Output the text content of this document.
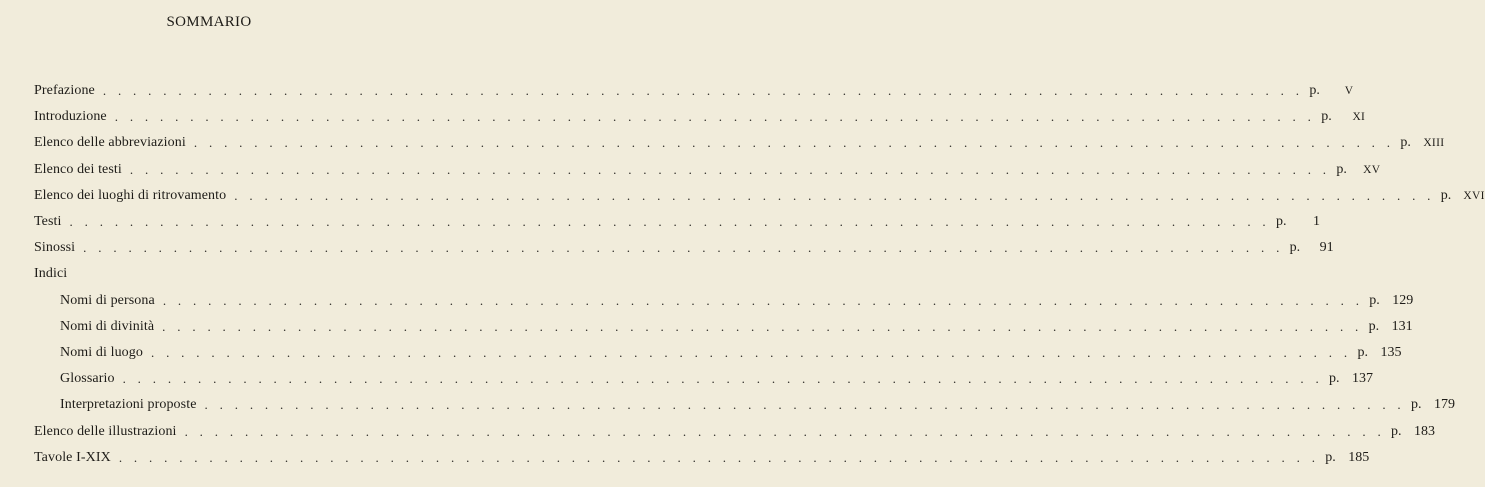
SOMMARIO
Prefazione . . . . . . . . . . . . . . . . . . . . . . . . . . . . . . . . . . . . . . . . . . . . . . . . . . . . . . . . . . . . . . . . . . . . . . . . . . . . . . . . p.	V
Introduzione . . . . . . . . . . . . . . . . . . . . . . . . . . . . . . . . . . . . . . . . . . . . . . . . . . . . . . . . . . . . . . . . . . . . . . . . . . . . . . . . p.	XI
Elenco delle abbreviazioni . . . . . . . . . . . . . . . . . . . . . . . . . . . . . . . . . . . . . . . . . . . . . . . . . . . . . . . . . . . . . . . . . . . . . . . . . . . . . . . . p.	XIII
Elenco dei testi . . . . . . . . . . . . . . . . . . . . . . . . . . . . . . . . . . . . . . . . . . . . . . . . . . . . . . . . . . . . . . . . . . . . . . . . . . . . . . . . p.	XV
Elenco dei luoghi di ritrovamento . . . . . . . . . . . . . . . . . . . . . . . . . . . . . . . . . . . . . . . . . . . . . . . . . . . . . . . . . . . . . . . . . . . . . . . . . . . . . . . . p.	XVI
Testi . . . . . . . . . . . . . . . . . . . . . . . . . . . . . . . . . . . . . . . . . . . . . . . . . . . . . . . . . . . . . . . . . . . . . . . . . . . . . . . . p.	1
Sinossi . . . . . . . . . . . . . . . . . . . . . . . . . . . . . . . . . . . . . . . . . . . . . . . . . . . . . . . . . . . . . . . . . . . . . . . . . . . . . . . . p.	91
Indici
Nomi di persona . . . . . . . . . . . . . . . . . . . . . . . . . . . . . . . . . . . . . . . . . . . . . . . . . . . . . . . . . . . . . . . . . . . . . . . . . . . . . . . . p. 129
Nomi di divinità . . . . . . . . . . . . . . . . . . . . . . . . . . . . . . . . . . . . . . . . . . . . . . . . . . . . . . . . . . . . . . . . . . . . . . . . . . . . . . . . p. 131
Nomi di luogo . . . . . . . . . . . . . . . . . . . . . . . . . . . . . . . . . . . . . . . . . . . . . . . . . . . . . . . . . . . . . . . . . . . . . . . . . . . . . . . . p. 135
Glossario . . . . . . . . . . . . . . . . . . . . . . . . . . . . . . . . . . . . . . . . . . . . . . . . . . . . . . . . . . . . . . . . . . . . . . . . . . . . . . . . p. 137
Interpretazioni proposte . . . . . . . . . . . . . . . . . . . . . . . . . . . . . . . . . . . . . . . . . . . . . . . . . . . . . . . . . . . . . . . . . . . . . . . . . . . . . . . . p. 179
Elenco delle illustrazioni . . . . . . . . . . . . . . . . . . . . . . . . . . . . . . . . . . . . . . . . . . . . . . . . . . . . . . . . . . . . . . . . . . . . . . . . . . . . . . . . p. 183
Tavole I-XIX . . . . . . . . . . . . . . . . . . . . . . . . . . . . . . . . . . . . . . . . . . . . . . . . . . . . . . . . . . . . . . . . . . . . . . . . . . . . . . . . p. 185
